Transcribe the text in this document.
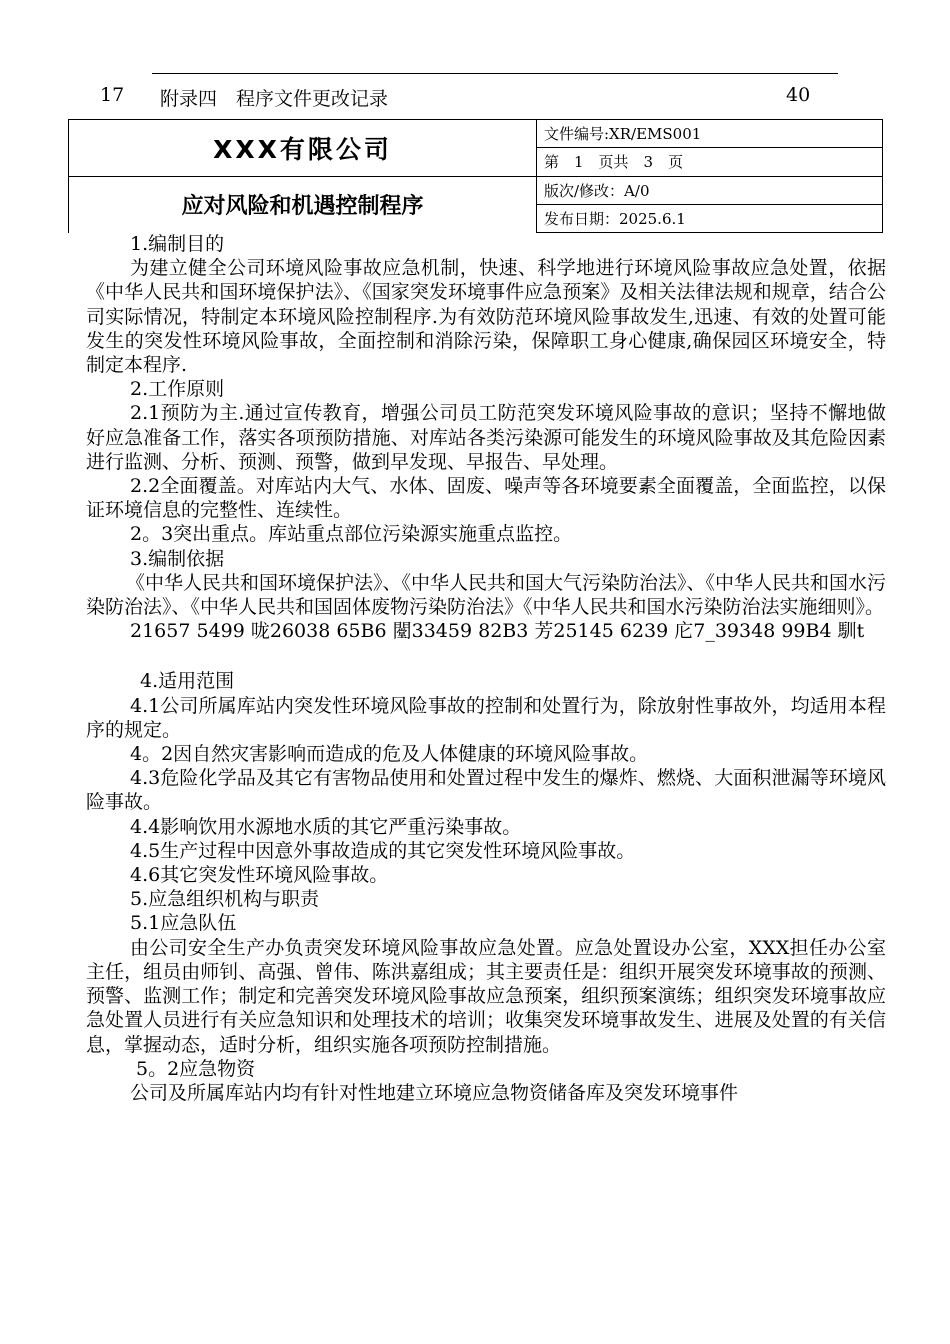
17 附录四　程序文件更改记录	40
XXX有限公司	文件编号:XR/EMS001
	第　1　页共　3　页
应对风险和机遇控制程序	版次/修改：A/0
	发布日期：2025.6.1

1.编制目的

为建立健全公司环境风险事故应急机制，快速、科学地进行环境风险事故应急处置，依据《中华人民共和国环境保护法》、《国家突发环境事件应急预案》及相关法律法规和规章，结合公司实际情况，特制定本环境风险控制程序.为有效防范环境风险事故发生,迅速、有效的处置可能发生的突发性环境风险事故，全面控制和消除污染，保障职工身心健康,确保园区环境安全，特制定本程序.

2.工作原则

2.1预防为主.通过宣传教育，增强公司员工防范突发环境风险事故的意识；坚持不懈地做好应急准备工作，落实各项预防措施、对库站各类污染源可能发生的环境风险事故及其危险因素进行监测、分析、预测、预警，做到早发现、早报告、早处理。

2.2全面覆盖。对库站内大气、水体、固废、噪声等各环境要素全面覆盖，全面监控，以保证环境信息的完整性、连续性。

2。3突出重点。库站重点部位污染源实施重点监控。

3.编制依据

《中华人民共和国环境保护法》、《中华人民共和国大气污染防治法》、《中华人民共和国水污染防治法》、《中华人民共和国固体废物污染防治法》《中华人民共和国水污染防治法实施细则》。

21657 5499 咙26038 65B6 闛33459 82B3 芳25145 6239 庀7_39348 99B4 馴t

4.适用范围

4.1公司所属库站内突发性环境风险事故的控制和处置行为，除放射性事故外，均适用本程序的规定。

4。2因自然灾害影响而造成的危及人体健康的环境风险事故。

4.3危险化学品及其它有害物品使用和处置过程中发生的爆炸、燃烧、大面积泄漏等环境风险事故。

4.4影响饮用水源地水质的其它严重污染事故。

4.5生产过程中因意外事故造成的其它突发性环境风险事故。

4.6其它突发性环境风险事故。

5.应急组织机构与职责

5.1应急队伍

由公司安全生产办负责突发环境风险事故应急处置。应急处置设办公室，XXX担任办公室主任，组员由师钊、高强、曾伟、陈洪嘉组成；其主要责任是：组织开展突发环境事故的预测、预警、监测工作；制定和完善突发环境风险事故应急预案，组织预案演练；组织突发环境事故应急处置人员进行有关应急知识和处理技术的培训；收集突发环境事故发生、进展及处置的有关信息，掌握动态，适时分析，组织实施各项预防控制措施。

5。2应急物资

公司及所属库站内均有针对性地建立环境应急物资储备库及突发环境事件
